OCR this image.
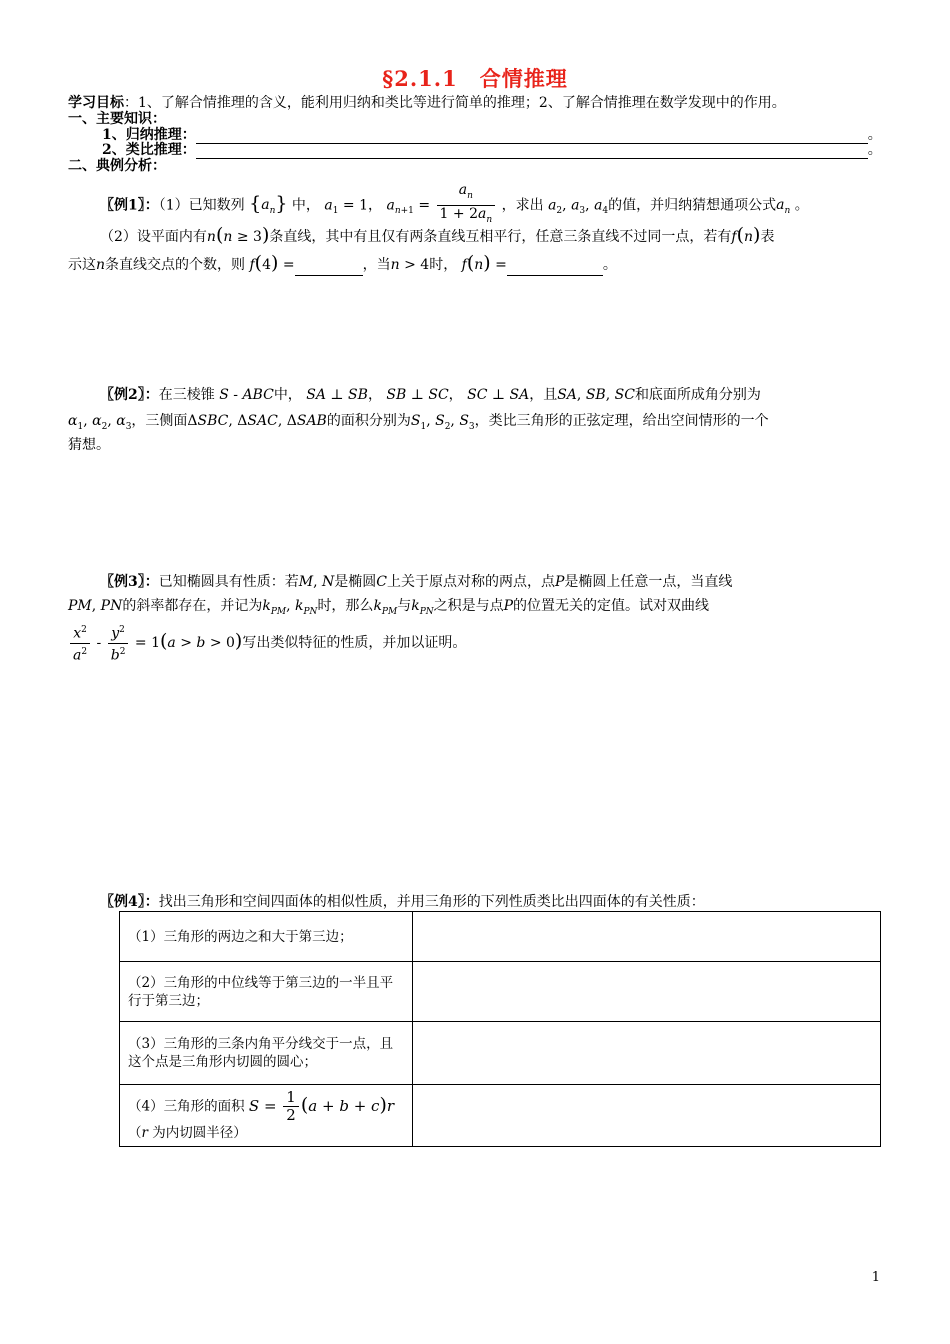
§2.1.1　合情推理
学习目标：1、了解合情推理的含义，能利用归纳和类比等进行简单的推理；2、了解合情推理在数学发现中的作用。
一、主要知识：
1、归纳推理：	。
2、类比推理：	。
二、典例分析：
〖例1〗：（1）已知数列 $\{a_n\}$ 中， $a_1 = 1$， $a_{n+1} = \frac{a_n}{1 + 2a_n}$ ，求出 $a_2$, $a_3$, $a_4$的值，并归纳猜想通项公式$a_n$ 。
（2）设平面内有n(n ≥ 3)条直线，其中有且仅有两条直线互相平行，任意三条直线不过同一点，若有f(n)表
示这n条直线交点的个数，则 f(4) =	，当n > 4时， f(n) =	。
〖例2〗：在三棱锥 S - ABC中， SA ⊥ SB， SB ⊥ SC， SC ⊥ SA，且SA, SB, SC和底面所成角分别为
$\alpha_1$, $\alpha_2$, $\alpha_3$，三侧面ΔSBC, ΔSAC, ΔSAB的面积分别为$S_1$, $S_2$, $S_3$，类比三角形的正弦定理，给出空间情形的一个
猜想。
〖例3〗：已知椭圆具有性质：若M, N是椭圆C上关于原点对称的两点，点P是椭圆上任意一点，当直线
PM, PN的斜率都存在，并记为$k_{PM}$, $k_{PN}$时，那么$k_{PM}$与$k_{PN}$之积是与点P的位置无关的定值。试对双曲线
$\frac{x^2}{a^2} - \frac{y^2}{b^2} = 1(a > b > 0)$写出类似特征的性质，并加以证明。
〖例4〗：找出三角形和空间四面体的相似性质，并用三角形的下列性质类比出四面体的有关性质：
（1）三角形的两边之和大于第三边；	
（2）三角形的中位线等于第三边的一半且平行于第三边；	
（3）三角形的三条内角平分线交于一点，且这个点是三角形内切圆的圆心；	
（4）三角形的面积 $S = \frac{1}{2} (a + b + c)r$
（r 为内切圆半径）	
1
